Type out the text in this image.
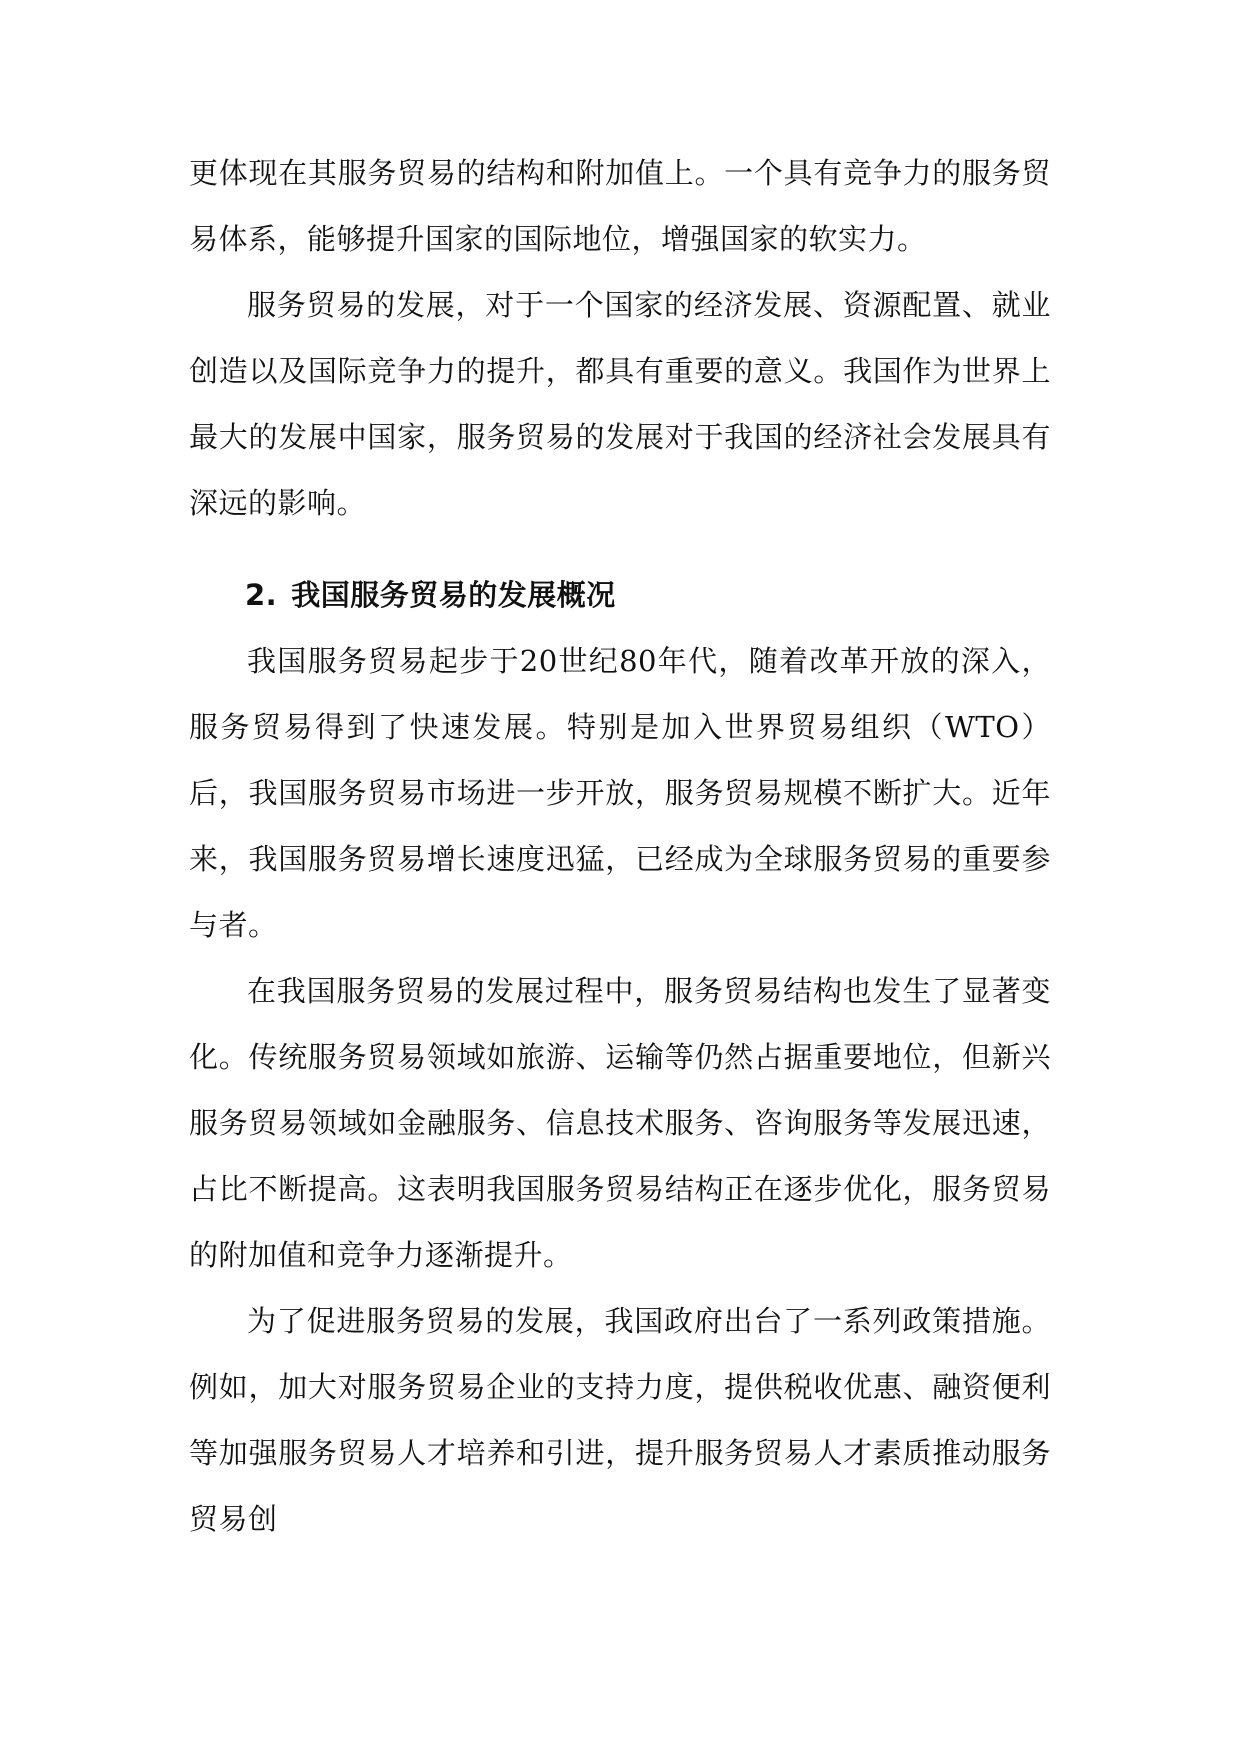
更体现在其服务贸易的结构和附加值上。一个具有竞争力的服务贸易体系，能够提升国家的国际地位，增强国家的软实力。

服务贸易的发展，对于一个国家的经济发展、资源配置、就业创造以及国际竞争力的提升，都具有重要的意义。我国作为世界上最大的发展中国家，服务贸易的发展对于我国的经济社会发展具有深远的影响。

2. 我国服务贸易的发展概况

我国服务贸易起步于20世纪80年代，随着改革开放的深入，服务贸易得到了快速发展。特别是加入世界贸易组织（WTO）后，我国服务贸易市场进一步开放，服务贸易规模不断扩大。近年来，我国服务贸易增长速度迅猛，已经成为全球服务贸易的重要参与者。

在我国服务贸易的发展过程中，服务贸易结构也发生了显著变化。传统服务贸易领域如旅游、运输等仍然占据重要地位，但新兴服务贸易领域如金融服务、信息技术服务、咨询服务等发展迅速，占比不断提高。这表明我国服务贸易结构正在逐步优化，服务贸易的附加值和竞争力逐渐提升。

为了促进服务贸易的发展，我国政府出台了一系列政策措施。例如，加大对服务贸易企业的支持力度，提供税收优惠、融资便利等加强服务贸易人才培养和引进，提升服务贸易人才素质推动服务贸易创
